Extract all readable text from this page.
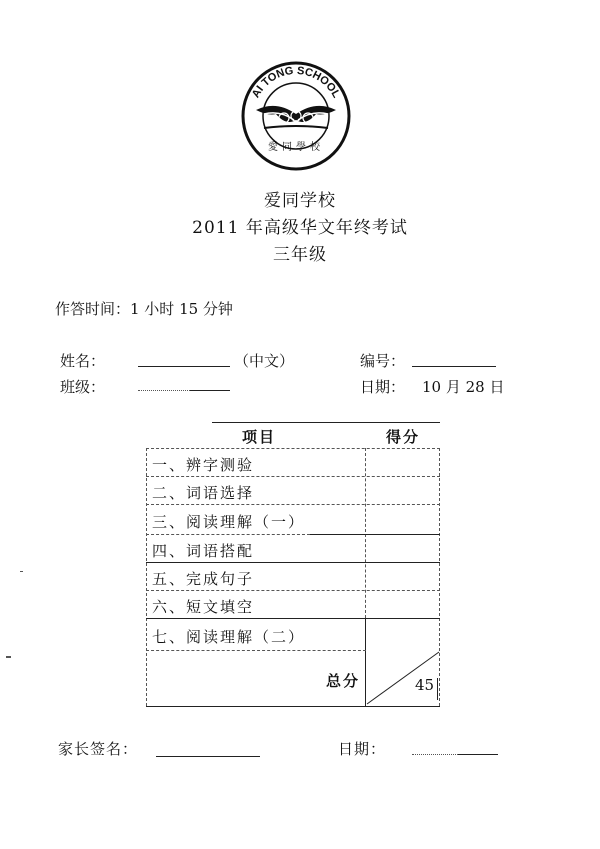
AI TONG SCHOOL
愛同學校
爱同学校
2011 年高级华文年终考试
三年级
作答时间：1 小时 15 分钟
姓名：	（中文）	编号：
班级：	日期： 10 月 28 日
项目	得分
一、辨字测验
二、词语选择
三、阅读理解（一）
四、词语搭配
五、完成句子
六、短文填空
七、阅读理解（二）
总分	45
家长签名：	日期：
